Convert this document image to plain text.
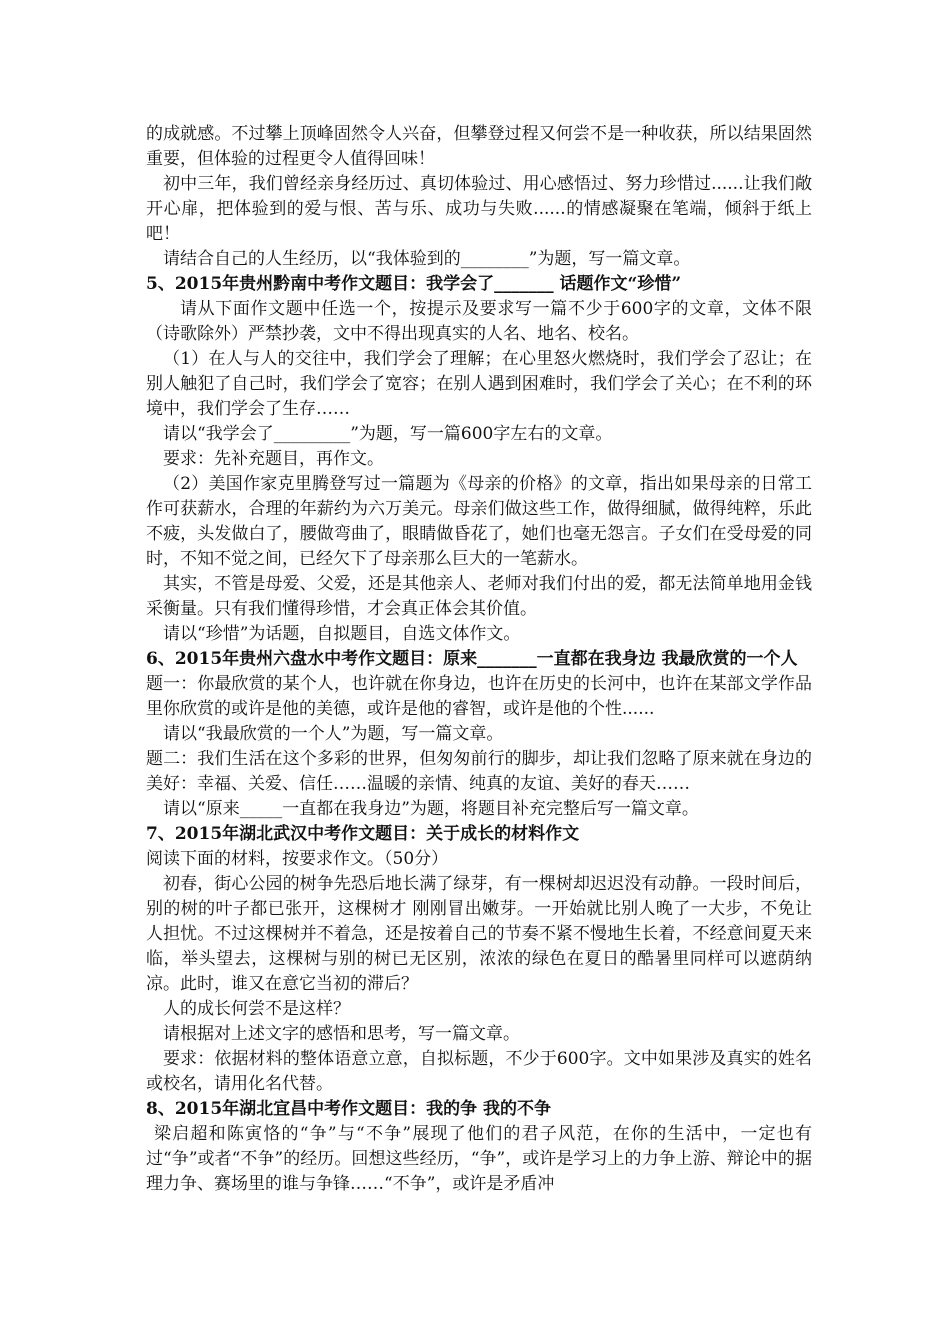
的成就感。不过攀上顶峰固然令人兴奋，但攀登过程又何尝不是一种收获，所以结果固然重要，但体验的过程更令人值得回味！

初中三年，我们曾经亲身经历过、真切体验过、用心感悟过、努力珍惜过......让我们敞开心扉，把体验到的爱与恨、苦与乐、成功与失败......的情感凝聚在笔端，倾斜于纸上吧！

请结合自己的人生经历，以“我体验到的________”为题，写一篇文章。

5、2015年贵州黔南中考作文题目：我学会了_______ 话题作文“珍惜”

请从下面作文题中任选一个，按提示及要求写一篇不少于600字的文章，文体不限（诗歌除外）严禁抄袭，文中不得出现真实的人名、地名、校名。

（1）在人与人的交往中，我们学会了理解；在心里怒火燃烧时，我们学会了忍让；在别人触犯了自己时，我们学会了宽容；在别人遇到困难时，我们学会了关心；在不利的环境中，我们学会了生存……

请以“我学会了_________”为题，写一篇600字左右的文章。

要求：先补充题目，再作文。

（2）美国作家克里腾登写过一篇题为《母亲的价格》的文章，指出如果母亲的日常工作可获薪水，合理的年薪约为六万美元。母亲们做这些工作，做得细腻，做得纯粹，乐此不疲，头发做白了，腰做弯曲了，眼睛做昏花了，她们也毫无怨言。子女们在受母爱的同时，不知不觉之间，已经欠下了母亲那么巨大的一笔薪水。

其实，不管是母爱、父爱，还是其他亲人、老师对我们付出的爱，都无法简单地用金钱采衡量。只有我们懂得珍惜，才会真正体会其价值。

请以“珍惜”为话题，自拟题目，自选文体作文。

6、2015年贵州六盘水中考作文题目：原来_______一直都在我身边 我最欣赏的一个人

题一：你最欣赏的某个人，也许就在你身边，也许在历史的长河中，也许在某部文学作品里你欣赏的或许是他的美德，或许是他的睿智，或许是他的个性......

请以“我最欣赏的一个人”为题，写一篇文章。

题二：我们生活在这个多彩的世界，但匆匆前行的脚步，却让我们忽略了原来就在身边的美好：幸福、关爱、信任……温暖的亲情、纯真的友谊、美好的春天……

请以“原来_____一直都在我身边”为题，将题目补充完整后写一篇文章。

7、2015年湖北武汉中考作文题目：关于成长的材料作文

阅读下面的材料，按要求作文。（50分）

初春，街心公园的树争先恐后地长满了绿芽，有一棵树却迟迟没有动静。一段时间后，别的树的叶子都已张开，这棵树才 刚刚冒出嫩芽。一开始就比别人晚了一大步，不免让人担忧。不过这棵树并不着急，还是按着自己的节奏不紧不慢地生长着，不经意间夏天来临，举头望去，这棵树与别的树已无区别，浓浓的绿色在夏日的酷暑里同样可以遮荫纳凉。此时，谁又在意它当初的滞后？

人的成长何尝不是这样？

请根据对上述文字的感悟和思考，写一篇文章。

要求：依据材料的整体语意立意，自拟标题，不少于600字。文中如果涉及真实的姓名或校名，请用化名代替。

8、2015年湖北宜昌中考作文题目：我的争 我的不争

梁启超和陈寅恪的“争”与“不争”展现了他们的君子风范，在你的生活中，一定也有过“争”或者“不争”的经历。回想这些经历，“争”，或许是学习上的力争上游、辩论中的据理力争、赛场里的谁与争锋……“不争”，或许是矛盾冲
